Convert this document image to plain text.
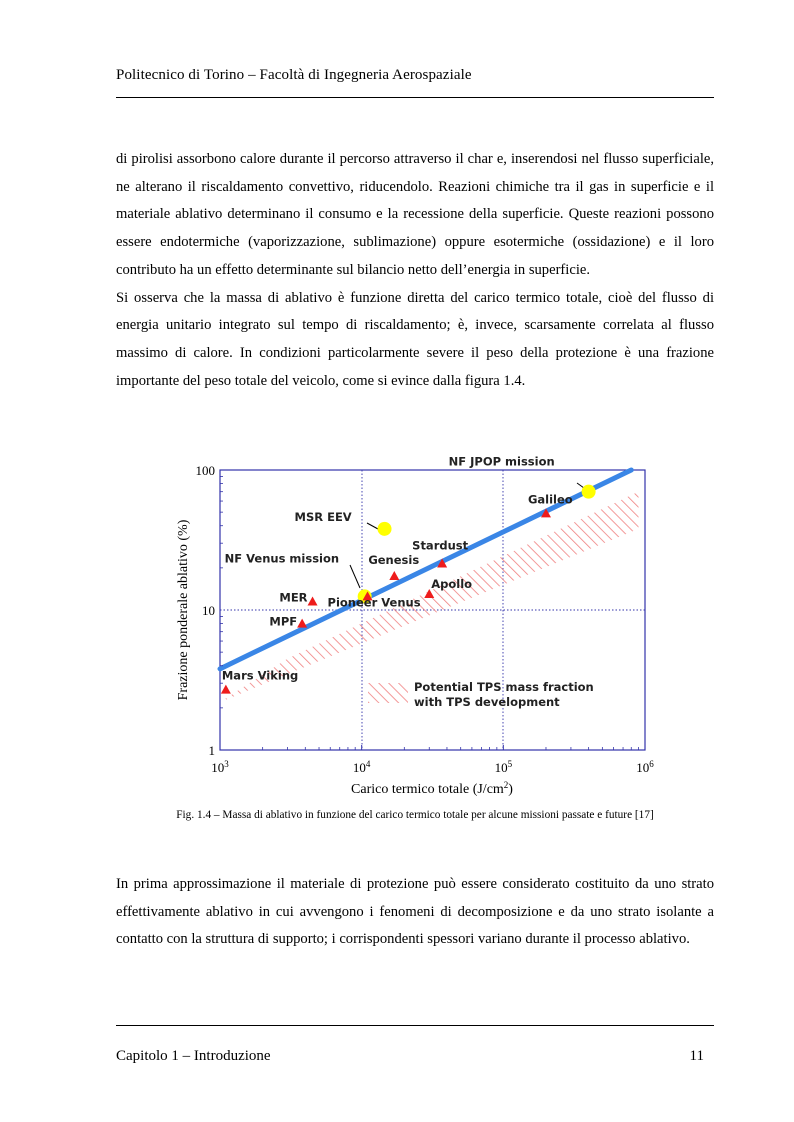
Politecnico di Torino – Facoltà di Ingegneria Aerospaziale

di pirolisi assorbono calore durante il percorso attraverso il char e, inserendosi nel flusso superficiale, ne alterano il riscaldamento convettivo, riducendolo. Reazioni chimiche tra il gas in superficie e il materiale ablativo determinano il consumo e la recessione della superficie. Queste reazioni possono essere endotermiche (vaporizzazione, sublimazione) oppure esotermiche (ossidazione) e il loro contributo ha un effetto determinante sul bilancio netto dell’energia in superficie.

Si osserva che la massa di ablativo è funzione diretta del carico termico totale, cioè del flusso di energia unitario integrato sul tempo di riscaldamento; è, invece, scarsamente correlata al flusso massimo di calore. In condizioni particolarmente severe il peso della protezione è una frazione importante del peso totale del veicolo, come si evince dalla figura 1.4.

Potential TPS mass fraction
with TPS development
Mars Viking
MPF
MER Pioneer Venus
Genesis
Stardust
Apollo
Galileo
NF Venus mission
MSR EEV
NF JPOP mission
$10^3$	$10^4$	$10^5$	$10^6$
1
10
100
Carico termico totale $(J/cm^2)$
Frazione ponderale ablativo (%)
Fig. 1.4 – Massa di ablativo in funzione del carico termico totale per alcune missioni passate e future [17]

In prima approssimazione il materiale di protezione può essere considerato costituito da uno strato effettivamente ablativo in cui avvengono i fenomeni di decomposizione e da uno strato isolante a contatto con la struttura di supporto; i corrispondenti spessori variano durante il processo ablativo.

Capitolo 1 – Introduzione	11
